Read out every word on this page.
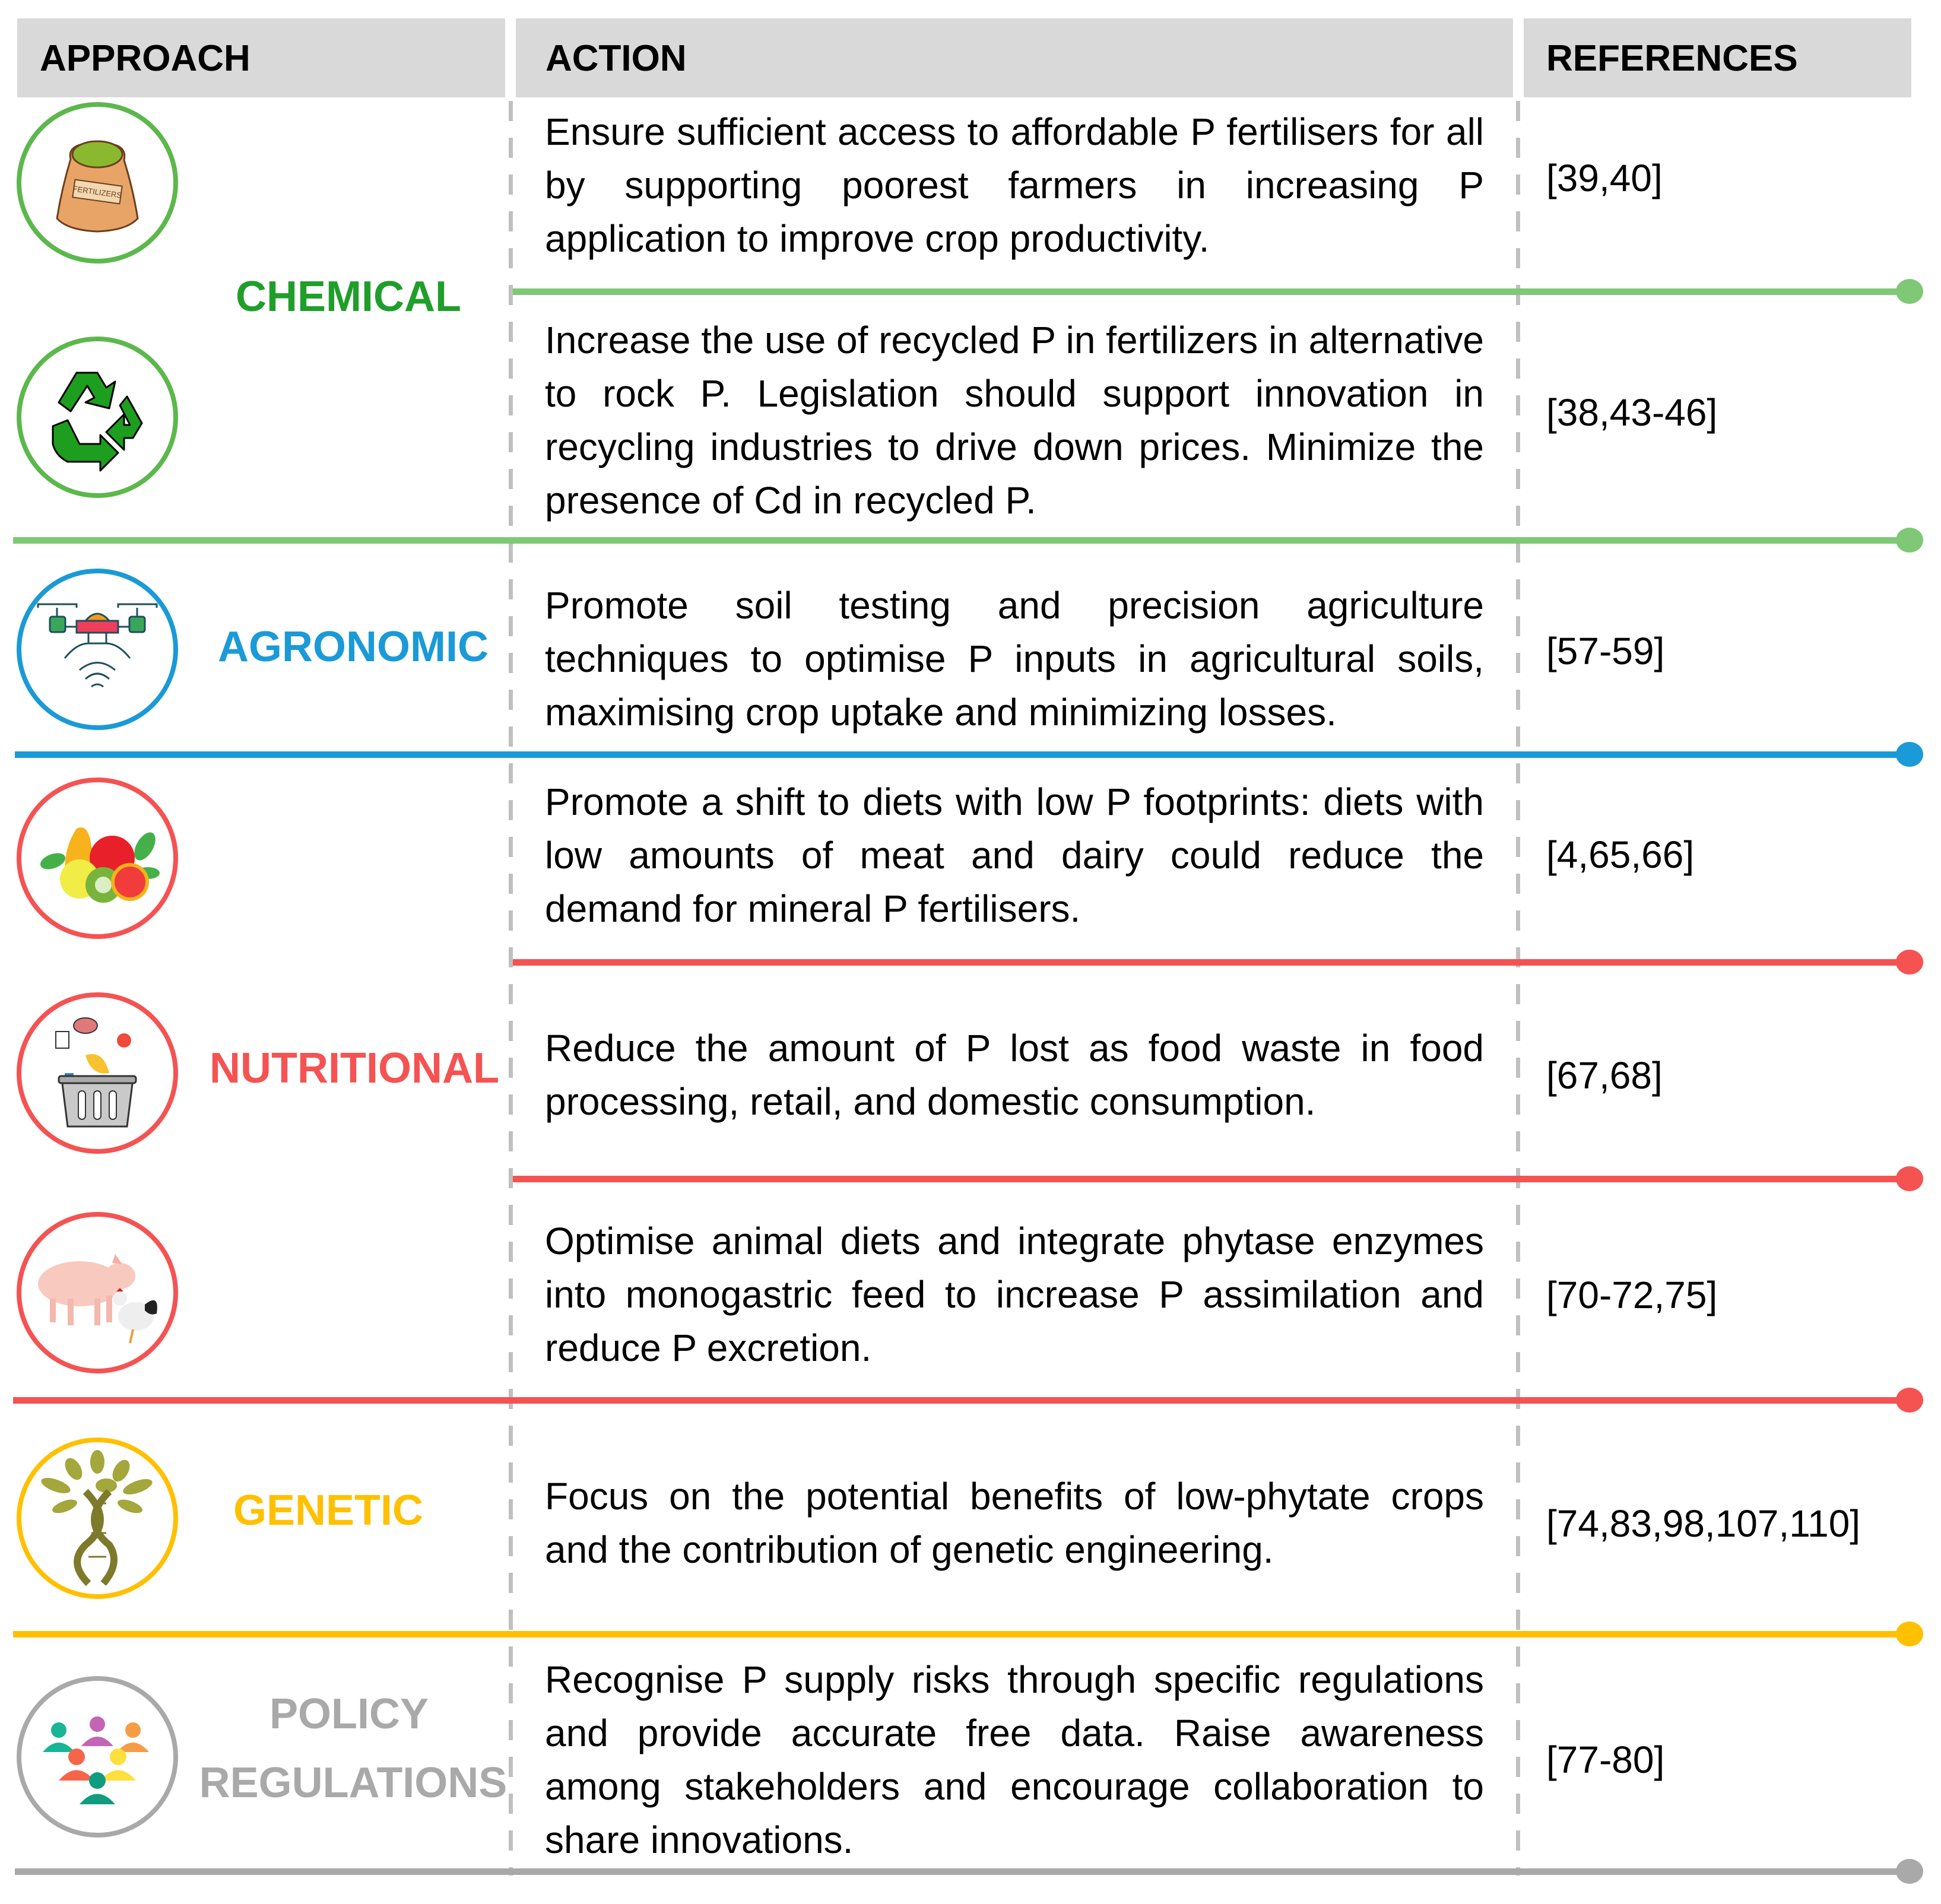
APPROACH	ACTION	REFERENCES
FERTILIZERS
CHEMICAL
AGRONOMIC
NUTRITIONAL
GENETIC
POLICY
REGULATIONS
Ensure sufficient access to affordable P fertilisers for all by supporting poorest farmers in increasing P application to improve crop productivity.
Increase the use of recycled P in fertilizers in alternative to rock P. Legislation should support innovation in recycling industries to drive down prices. Minimize the presence of Cd in recycled P.
Promote soil testing and precision agriculture techniques to optimise P inputs in agricultural soils, maximising crop uptake and minimizing losses.
Promote a shift to diets with low P footprints: diets with low amounts of meat and dairy could reduce the demand for mineral P fertilisers.
Reduce the amount of P lost as food waste in food processing, retail, and domestic consumption.
Optimise animal diets and integrate phytase enzymes into monogastric feed to increase P assimilation and reduce P excretion.
Focus on the potential benefits of low-phytate crops and the contribution of genetic engineering.
Recognise P supply risks through specific regulations and provide accurate free data. Raise awareness among stakeholders and encourage collaboration to share innovations.
[39,40]
[38,43-46]
[57-59]
[4,65,66]
[67,68]
[70-72,75]
[74,83,98,107,110]
[77-80]
